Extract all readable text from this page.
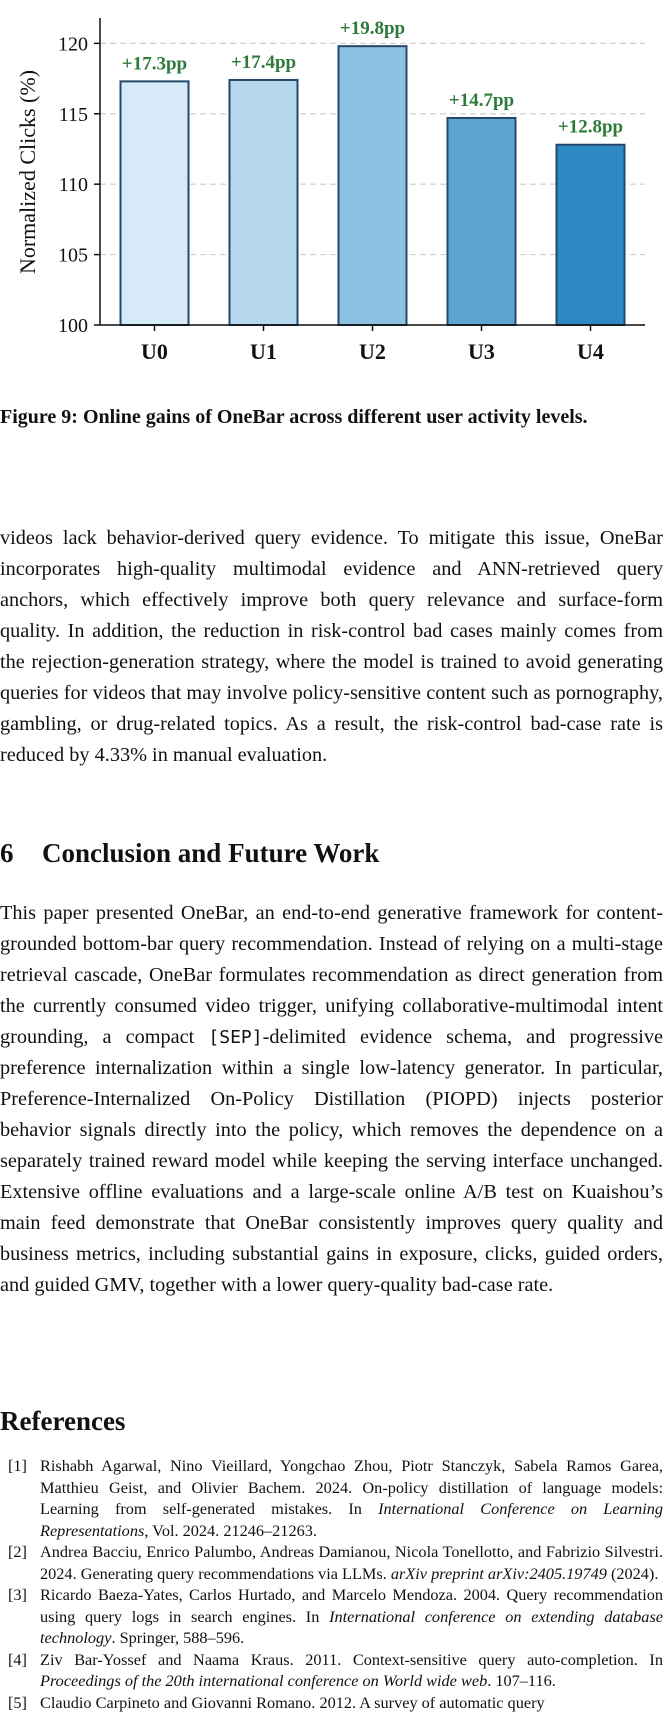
100
105
110
115
120
U0	U1	U2	U3	U4
+17.3pp +17.4pp
+19.8pp
+14.7pp
+12.8pp
Normalized Clicks (%)

Figure 9: Online gains of OneBar across different user activity levels.

videos lack behavior-derived query evidence. To mitigate this issue, OneBar incorporates high-quality multimodal evidence and ANN-retrieved query anchors, which effectively improve both query relevance and surface-form quality. In addition, the reduction in risk-control bad cases mainly comes from the rejection-generation strategy, where the model is trained to avoid generating queries for videos that may involve policy-sensitive content such as pornography, gambling, or drug-related topics. As a result, the risk-control bad-case rate is reduced by 4.33% in manual evaluation.

6 Conclusion and Future Work

This paper presented OneBar, an end-to-end generative framework for content-grounded bottom-bar query recommendation. Instead of relying on a multi-stage retrieval cascade, OneBar formulates recommendation as direct generation from the currently consumed video trigger, unifying collaborative-multimodal intent grounding, a compact [SEP]-delimited evidence schema, and progressive preference internalization within a single low-latency generator. In particular, Preference-Internalized On-Policy Distillation (PIOPD) injects posterior behavior signals directly into the policy, which removes the dependence on a separately trained reward model while keeping the serving interface unchanged. Extensive offline evaluations and a large-scale online A/B test on Kuaishou’s main feed demonstrate that OneBar consistently improves query quality and business metrics, including substantial gains in exposure, clicks, guided orders, and guided GMV, together with a lower query-quality bad-case rate.

References
[1] Rishabh Agarwal, Nino Vieillard, Yongchao Zhou, Piotr Stanczyk, Sabela Ramos Garea, Matthieu Geist, and Olivier Bachem. 2024. On-policy distillation of language models: Learning from self-generated mistakes. In International Conference on Learning Representations, Vol. 2024. 21246–21263.
[2] Andrea Bacciu, Enrico Palumbo, Andreas Damianou, Nicola Tonellotto, and Fabrizio Silvestri. 2024. Generating query recommendations via LLMs. arXiv preprint arXiv:2405.19749 (2024).
[3] Ricardo Baeza-Yates, Carlos Hurtado, and Marcelo Mendoza. 2004. Query recommendation using query logs in search engines. In International conference on extending database technology. Springer, 588–596.
[4] Ziv Bar-Yossef and Naama Kraus. 2011. Context-sensitive query auto-completion. In Proceedings of the 20th international conference on World wide web. 107–116.
[5] Claudio Carpineto and Giovanni Romano. 2012. A survey of automatic query
